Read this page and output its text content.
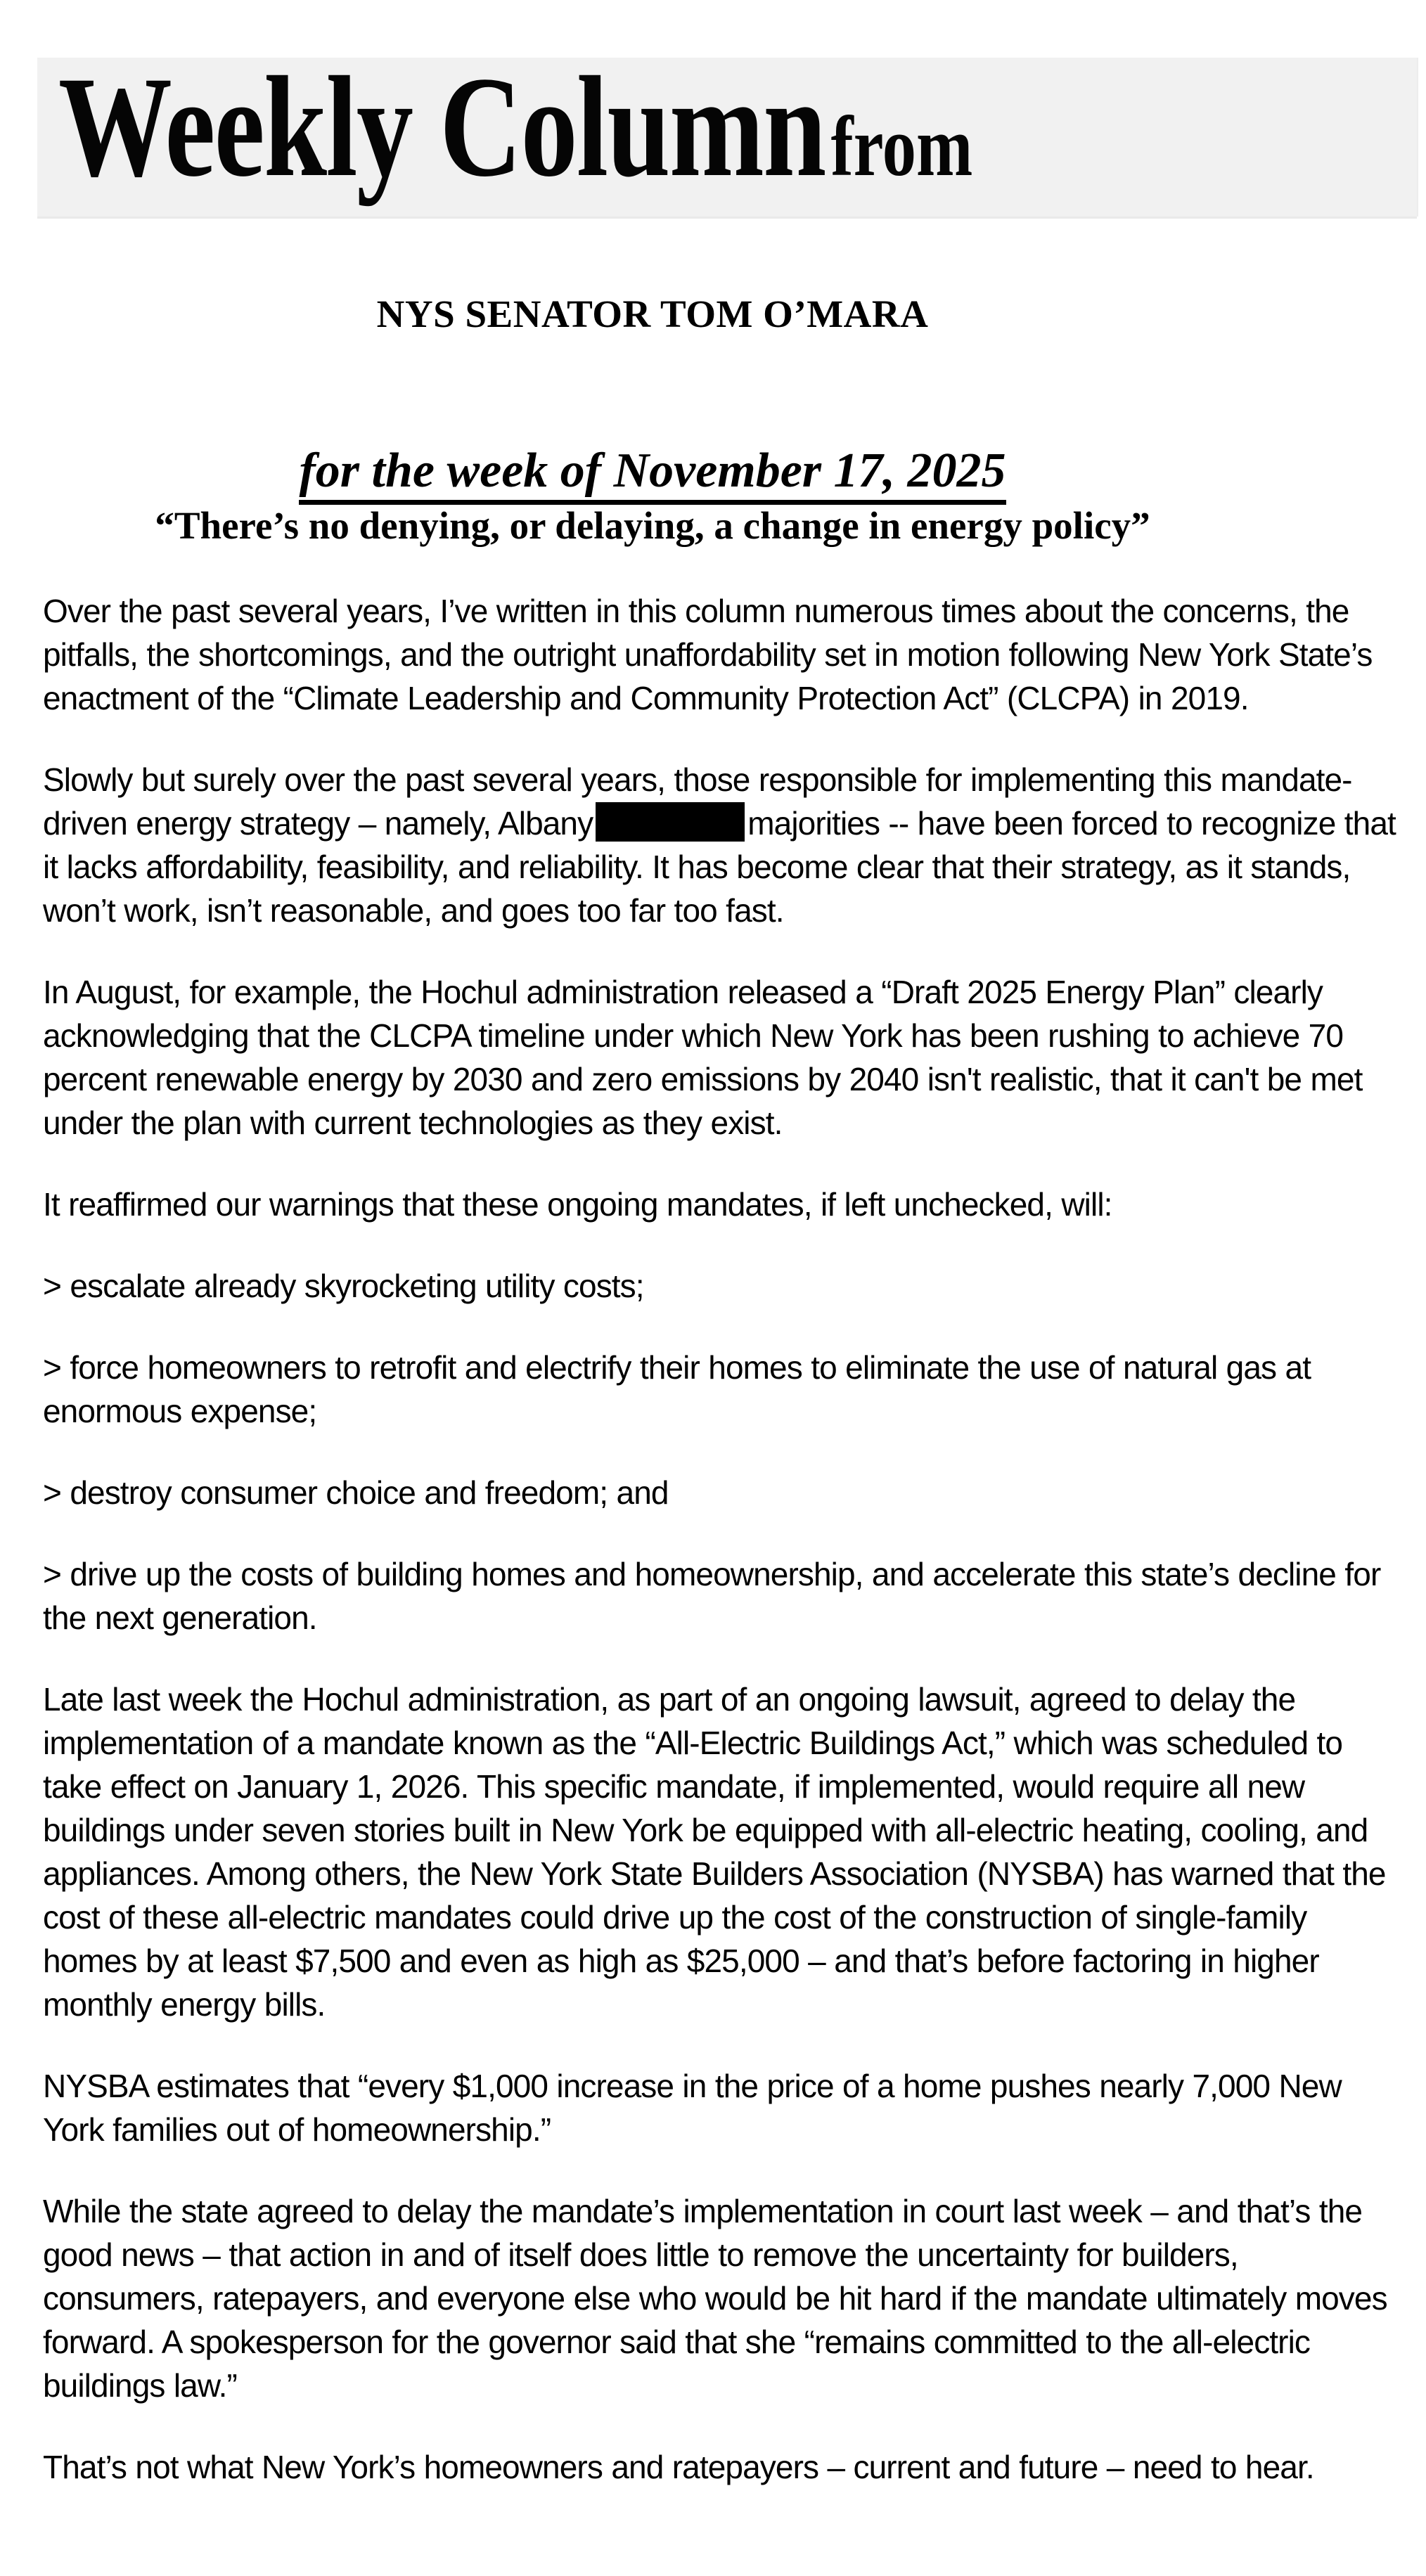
Weekly Columnfrom
NYS SENATOR TOM O’MARA
for the week of November 17, 2025
“There’s no denying, or delaying, a change in energy policy”

Over the past several years, I’ve written in this column numerous times about the concerns, the pitfalls, the shortcomings, and the outright unaffordability set in motion following New York State’s enactment of the “Climate Leadership and Community Protection Act” (CLCPA) in 2019.

Slowly but surely over the past several years, those responsible for implementing this mandate-driven energy strategy – namely, Albany	majorities -- have been forced to recognize that it lacks affordability, feasibility, and reliability. It has become clear that their strategy, as it stands, won’t work, isn’t reasonable, and goes too far too fast.

In August, for example, the Hochul administration released a “Draft 2025 Energy Plan” clearly acknowledging that the CLCPA timeline under which New York has been rushing to achieve 70 percent renewable energy by 2030 and zero emissions by 2040 isn't realistic, that it can't be met under the plan with current technologies as they exist.

It reaffirmed our warnings that these ongoing mandates, if left unchecked, will:

> escalate already skyrocketing utility costs;

> force homeowners to retrofit and electrify their homes to eliminate the use of natural gas at enormous expense;

> destroy consumer choice and freedom; and

> drive up the costs of building homes and homeownership, and accelerate this state’s decline for the next generation.

Late last week the Hochul administration, as part of an ongoing lawsuit, agreed to delay the implementation of a mandate known as the “All-Electric Buildings Act,” which was scheduled to take effect on January 1, 2026. This specific mandate, if implemented, would require all new buildings under seven stories built in New York be equipped with all-electric heating, cooling, and appliances. Among others, the New York State Builders Association (NYSBA) has warned that the cost of these all-electric mandates could drive up the cost of the construction of single-family homes by at least $7,500 and even as high as $25,000 – and that’s before factoring in higher monthly energy bills.

NYSBA estimates that “every $1,000 increase in the price of a home pushes nearly 7,000 New York families out of homeownership.”

While the state agreed to delay the mandate’s implementation in court last week – and that’s the good news – that action in and of itself does little to remove the uncertainty for builders, consumers, ratepayers, and everyone else who would be hit hard if the mandate ultimately moves forward. A spokesperson for the governor said that she “remains committed to the all-electric buildings law.”

That’s not what New York’s homeowners and ratepayers – current and future – need to hear.
